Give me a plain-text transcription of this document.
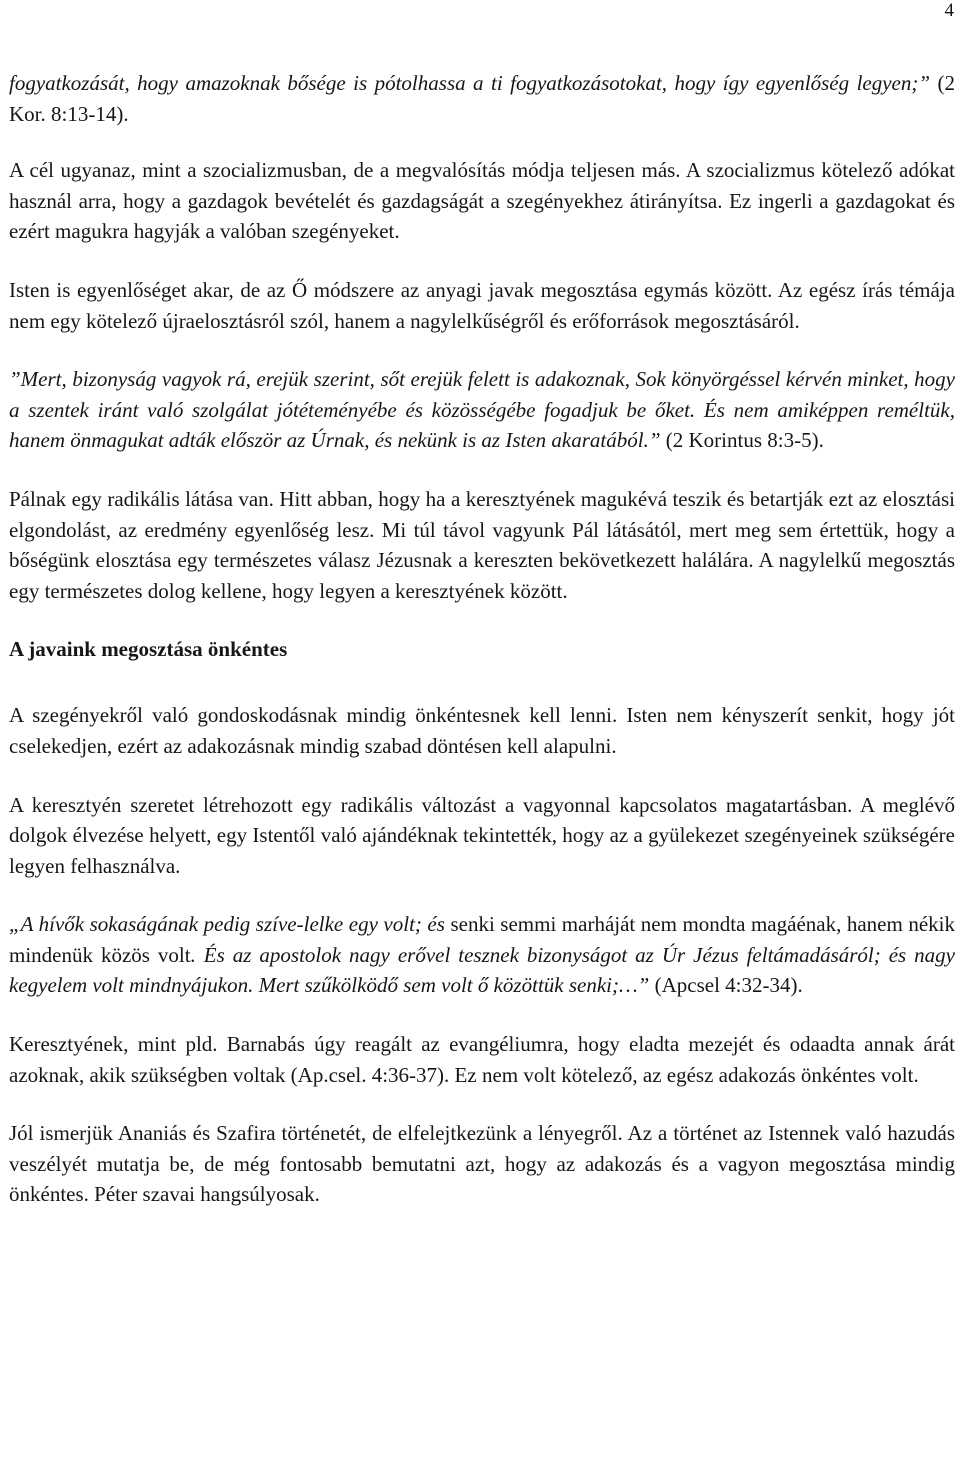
4

fogyatkozását, hogy amazoknak bősége is pótolhassa a ti fogyatkozásotokat, hogy így egyenlőség legyen;” (2 Kor. 8:13-14).

A cél ugyanaz, mint a szocializmusban, de a megvalósítás módja teljesen más. A szocializmus kötelező adókat használ arra, hogy a gazdagok bevételét és gazdagságát a szegényekhez átirányítsa. Ez ingerli a gazdagokat és ezért magukra hagyják a valóban szegényeket.

Isten is egyenlőséget akar, de az Ő módszere az anyagi javak megosztása egymás között. Az egész írás témája nem egy kötelező újraelosztásról szól, hanem a nagylelkűségről és erőforrások megosztásáról.

”Mert, bizonyság vagyok rá, erejük szerint, sőt erejük felett is adakoznak, Sok könyörgéssel kérvén minket, hogy a szentek iránt való szolgálat jótéteményébe és közösségébe fogadjuk be őket. És nem amiképpen reméltük, hanem önmagukat adták először az Úrnak, és nekünk is az Isten akaratából.” (2 Korintus 8:3-5).

Pálnak egy radikális látása van. Hitt abban, hogy ha a keresztyének magukévá teszik és betartják ezt az elosztási elgondolást, az eredmény egyenlőség lesz. Mi túl távol vagyunk Pál látásától, mert meg sem értettük, hogy a bőségünk elosztása egy természetes válasz Jézusnak a kereszten bekövetkezett halálára. A nagylelkű megosztás egy természetes dolog kellene, hogy legyen a keresztyének között.

A javaink megosztása önkéntes

A szegényekről való gondoskodásnak mindig önkéntesnek kell lenni. Isten nem kényszerít senkit, hogy jót cselekedjen, ezért az adakozásnak mindig szabad döntésen kell alapulni.

A keresztyén szeretet létrehozott egy radikális változást a vagyonnal kapcsolatos magatartásban. A meglévő dolgok élvezése helyett, egy Istentől való ajándéknak tekintették, hogy az a gyülekezet szegényeinek szükségére legyen felhasználva.

„A hívők sokaságának pedig szíve-lelke egy volt; és senki semmi marháját nem mondta magáénak, hanem nékik mindenük közös volt. És az apostolok nagy erővel tesznek bizonyságot az Úr Jézus feltámadásáról; és nagy kegyelem volt mindnyájukon. Mert szűkölködő sem volt ő közöttük senki;…” (Apcsel 4:32-34).

Keresztyének, mint pld. Barnabás úgy reagált az evangéliumra, hogy eladta mezejét és odaadta annak árát azoknak, akik szükségben voltak (Ap.csel. 4:36-37). Ez nem volt kötelező, az egész adakozás önkéntes volt.

Jól ismerjük Ananiás és Szafira történetét, de elfelejtkezünk a lényegről. Az a történet az Istennek való hazudás veszélyét mutatja be, de még fontosabb bemutatni azt, hogy az adakozás és a vagyon megosztása mindig önkéntes. Péter szavai hangsúlyosak.
